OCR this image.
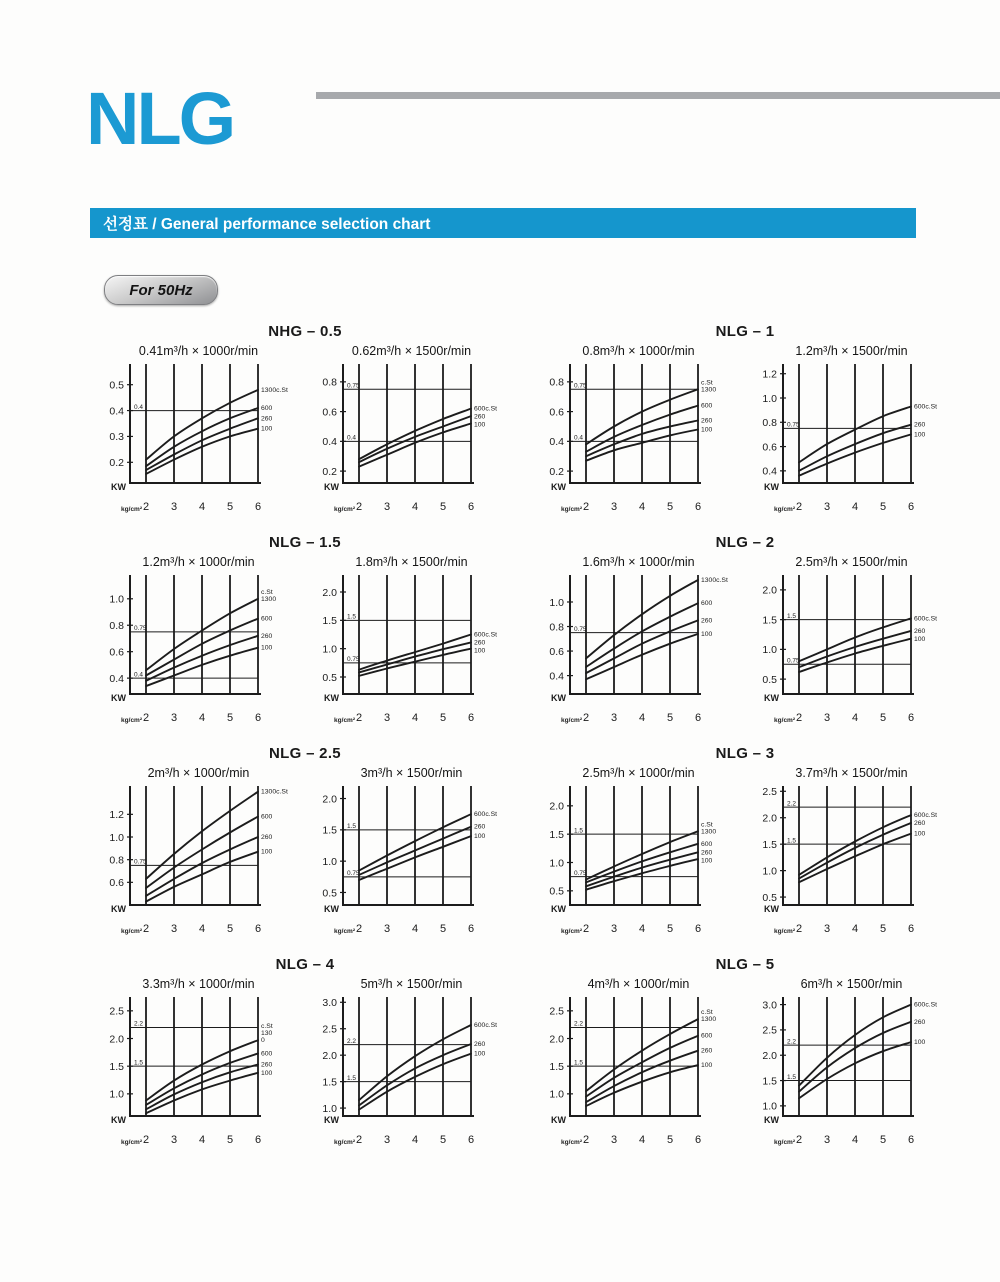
NLG
선정표 / General performance selection chart
For 50Hz
NHG – 0.5
0.41m³/h × 1000r/min
0.5
0.4
0.3
0.2
0.4
2 3 4 5 6
KW
kg/cm²
1300c.St
600
260
100
0.62m³/h × 1500r/min
0.8
0.6
0.4
0.2
0.75
0.4
2 3 4 5 6
KW
kg/cm²
600c.St
260
100
NLG – 1
0.8m³/h × 1000r/min
0.8
0.6
0.4
0.2
0.75
0.4
2 3 4 5 6
KW
kg/cm²
c.St
1300
600
260
100
1.2m³/h × 1500r/min
1.2
1.0
0.8
0.6
0.4
0.75
2 3 4 5 6
KW
kg/cm²
600c.St
260
100
NLG – 1.5
1.2m³/h × 1000r/min
1.0
0.8
0.6
0.4
0.75
0.4
2 3 4 5 6
KW
kg/cm²
c.St
1300
600
260
100
1.8m³/h × 1500r/min
2.0
1.5
1.0
0.5
1.5
0.75
2 3 4 5 6
KW
kg/cm²
600c.St
260
100
NLG – 2
1.6m³/h × 1000r/min
1.0
0.8
0.6
0.4
0.75
2 3 4 5 6
KW
kg/cm²
1300c.St
600
260
100
2.5m³/h × 1500r/min
2.0
1.5
1.0
0.5
1.5
0.75
2 3 4 5 6
KW
kg/cm²
600c.St
260
100
NLG – 2.5
2m³/h × 1000r/min
1.2
1.0
0.8
0.6
0.75
2 3 4 5 6
KW
kg/cm²
1300c.St
600
260
100
3m³/h × 1500r/min
2.0
1.5
1.0
0.5
1.5
0.75
2 3 4 5 6
KW
kg/cm²
600c.St
260
100
NLG – 3
2.5m³/h × 1000r/min
2.0
1.5
1.0
0.5
1.5
0.75
2 3 4 5 6
KW
kg/cm²
c.St
1300
600
260
100
3.7m³/h × 1500r/min
2.5
2.0
1.5
1.0
0.5
2.2
1.5
2 3 4 5 6
KW
kg/cm²
600c.St
260
100
NLG – 4
3.3m³/h × 1000r/min
2.5
2.0
1.5
1.0
2.2
1.5
2 3 4 5 6
KW
kg/cm²
c.St
130
0
600
260
100
5m³/h × 1500r/min
3.0
2.5
2.0
1.5
1.0
2.2
1.5
2 3 4 5 6
KW
kg/cm²
600c.St
260
100
NLG – 5
4m³/h × 1000r/min
2.5
2.0
1.5
1.0
2.2
1.5
2 3 4 5 6
KW
kg/cm²
c.St
1300
600
260
100
6m³/h × 1500r/min
3.0
2.5
2.0
1.5
1.0
2.2
1.5
2 3 4 5 6
KW
kg/cm²
600c.St
260
100
